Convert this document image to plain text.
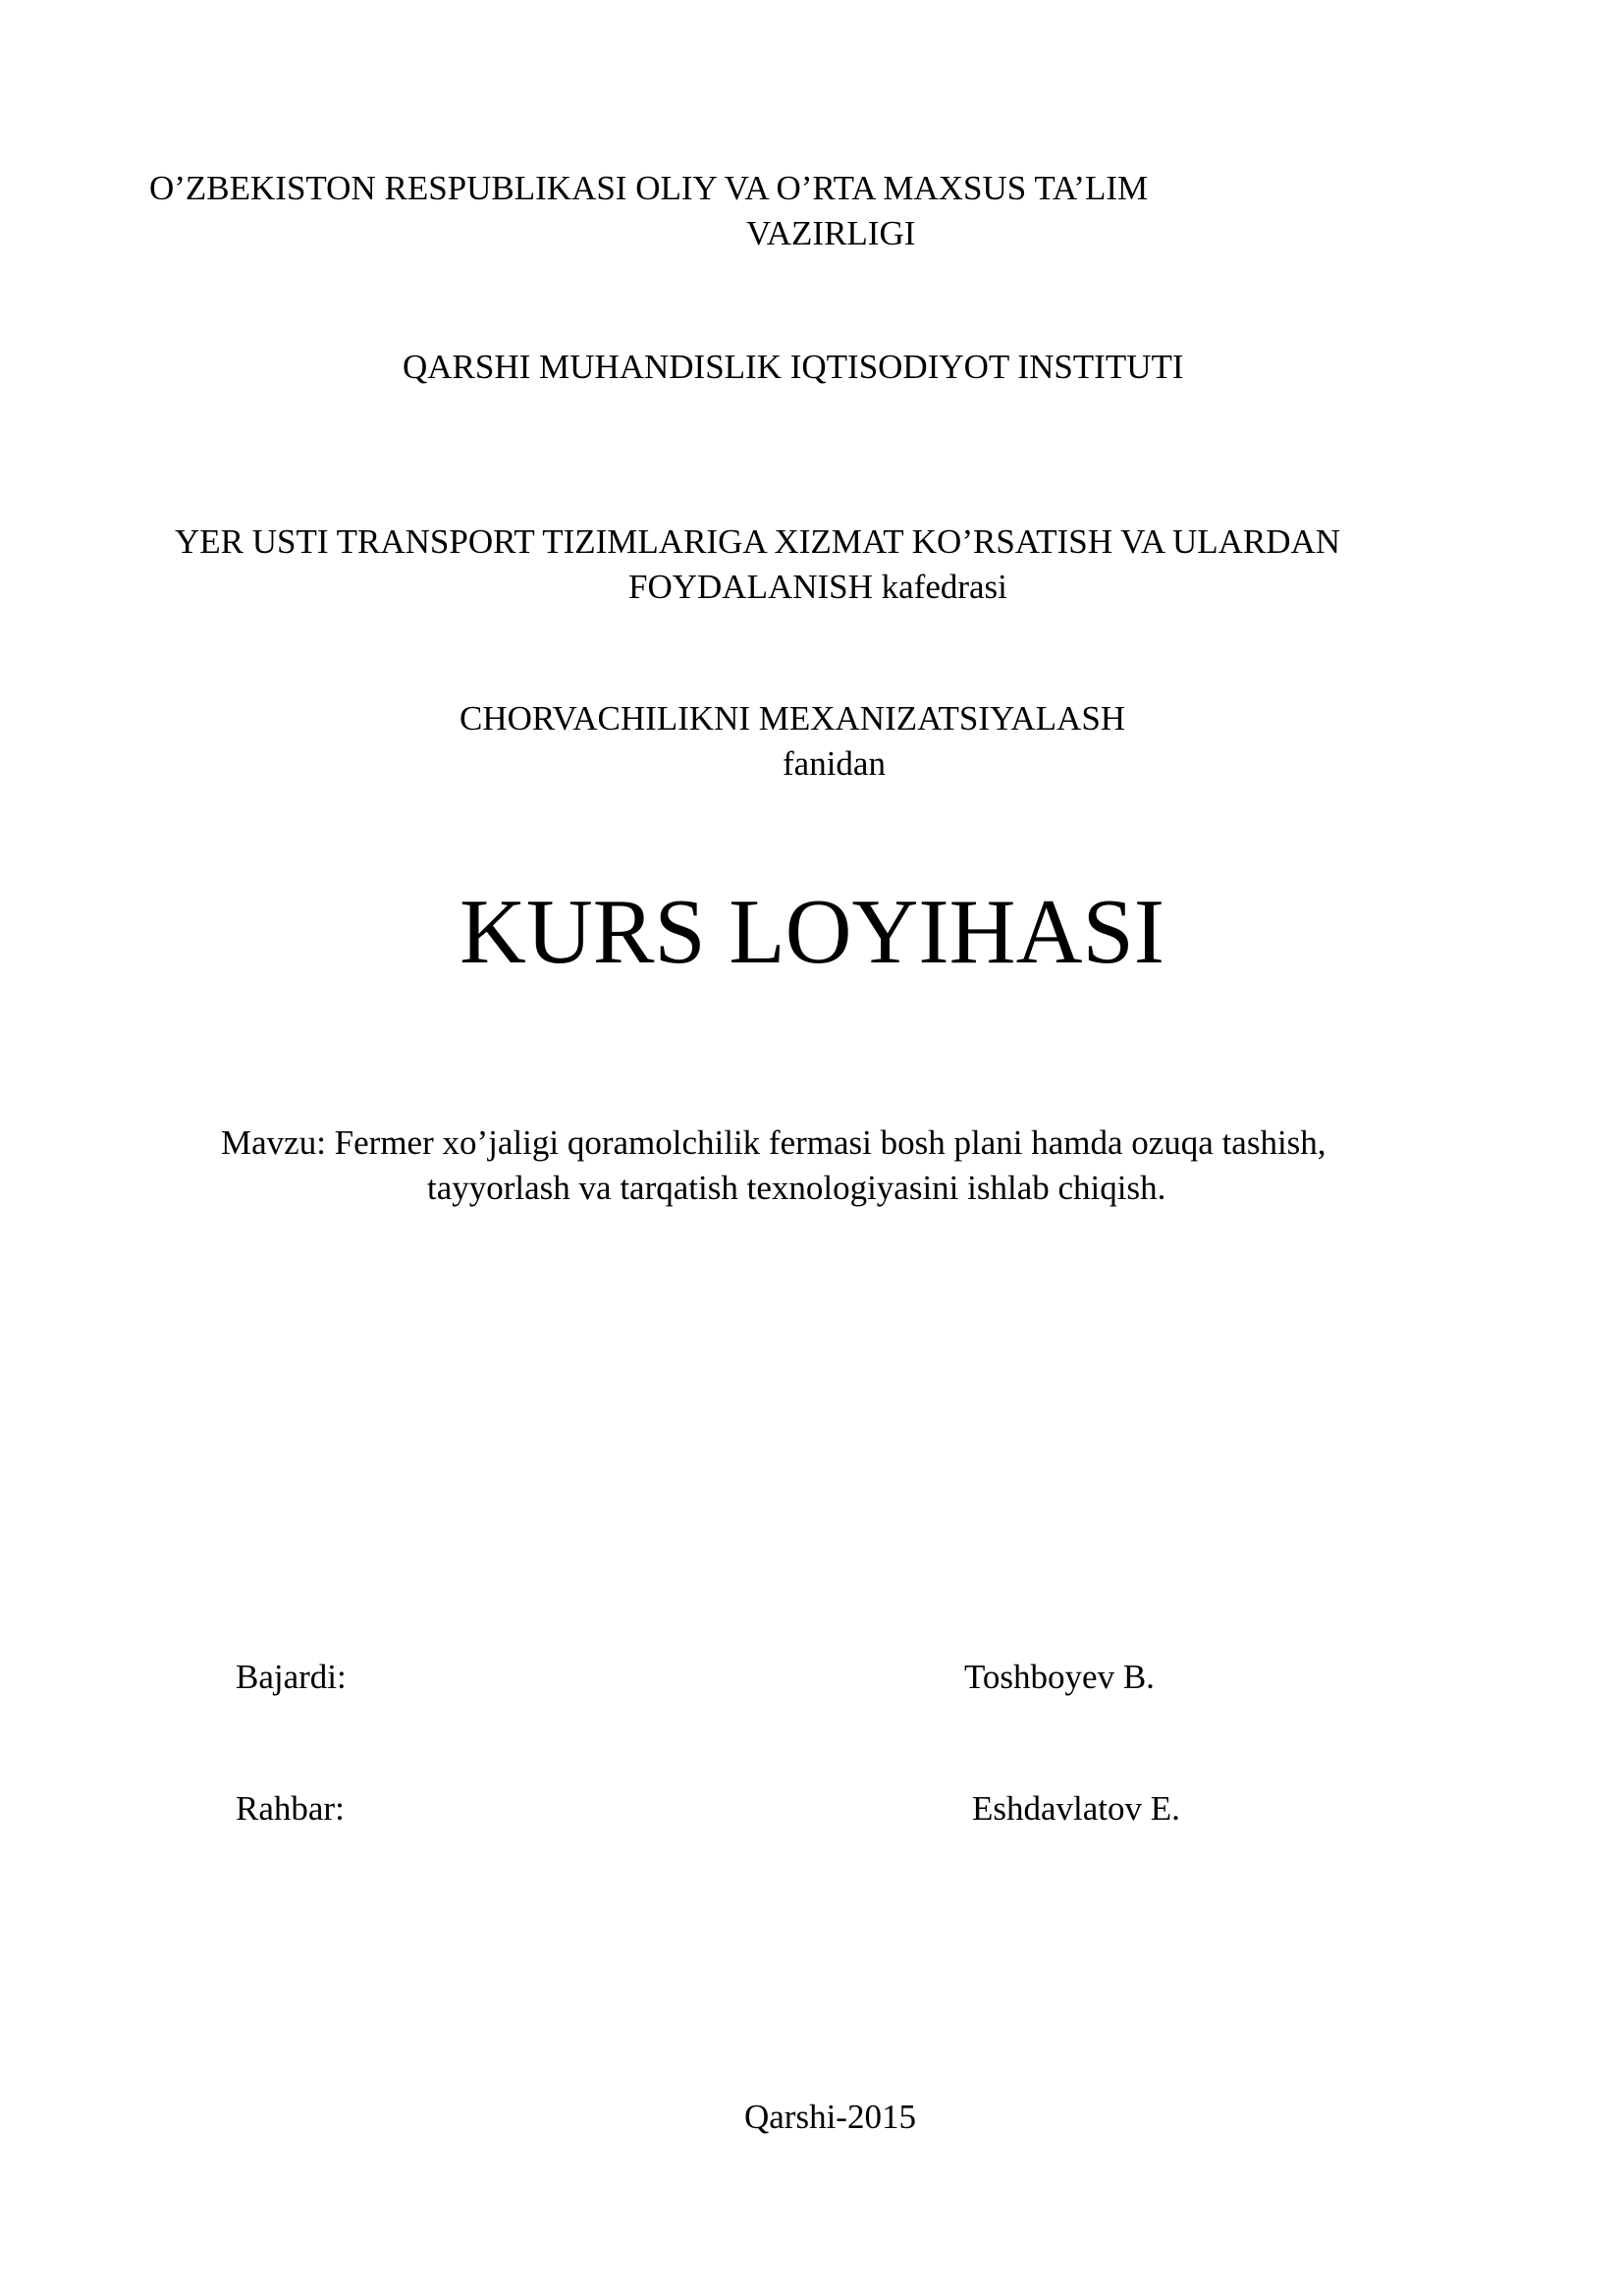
O’ZBEKISTON RESPUBLIKASI OLIY VA O’RTA MAXSUS TA’LIM
VAZIRLIGI
QARSHI MUHANDISLIK IQTISODIYOT INSTITUTI
YER USTI TRANSPORT TIZIMLARIGA XIZMAT KO’RSATISH VA ULARDAN
FOYDALANISH kafedrasi
CHORVACHILIKNI MEXANIZATSIYALASH
fanidan
KURS LOYIHASI
Mavzu: Fermer xo’jaligi qoramolchilik fermasi bosh plani hamda ozuqa tashish,
tayyorlash va tarqatish texnologiyasini ishlab chiqish.
Bajardi:	Toshboyev B.
Rahbar:	Eshdavlatov E.
Qarshi-2015
